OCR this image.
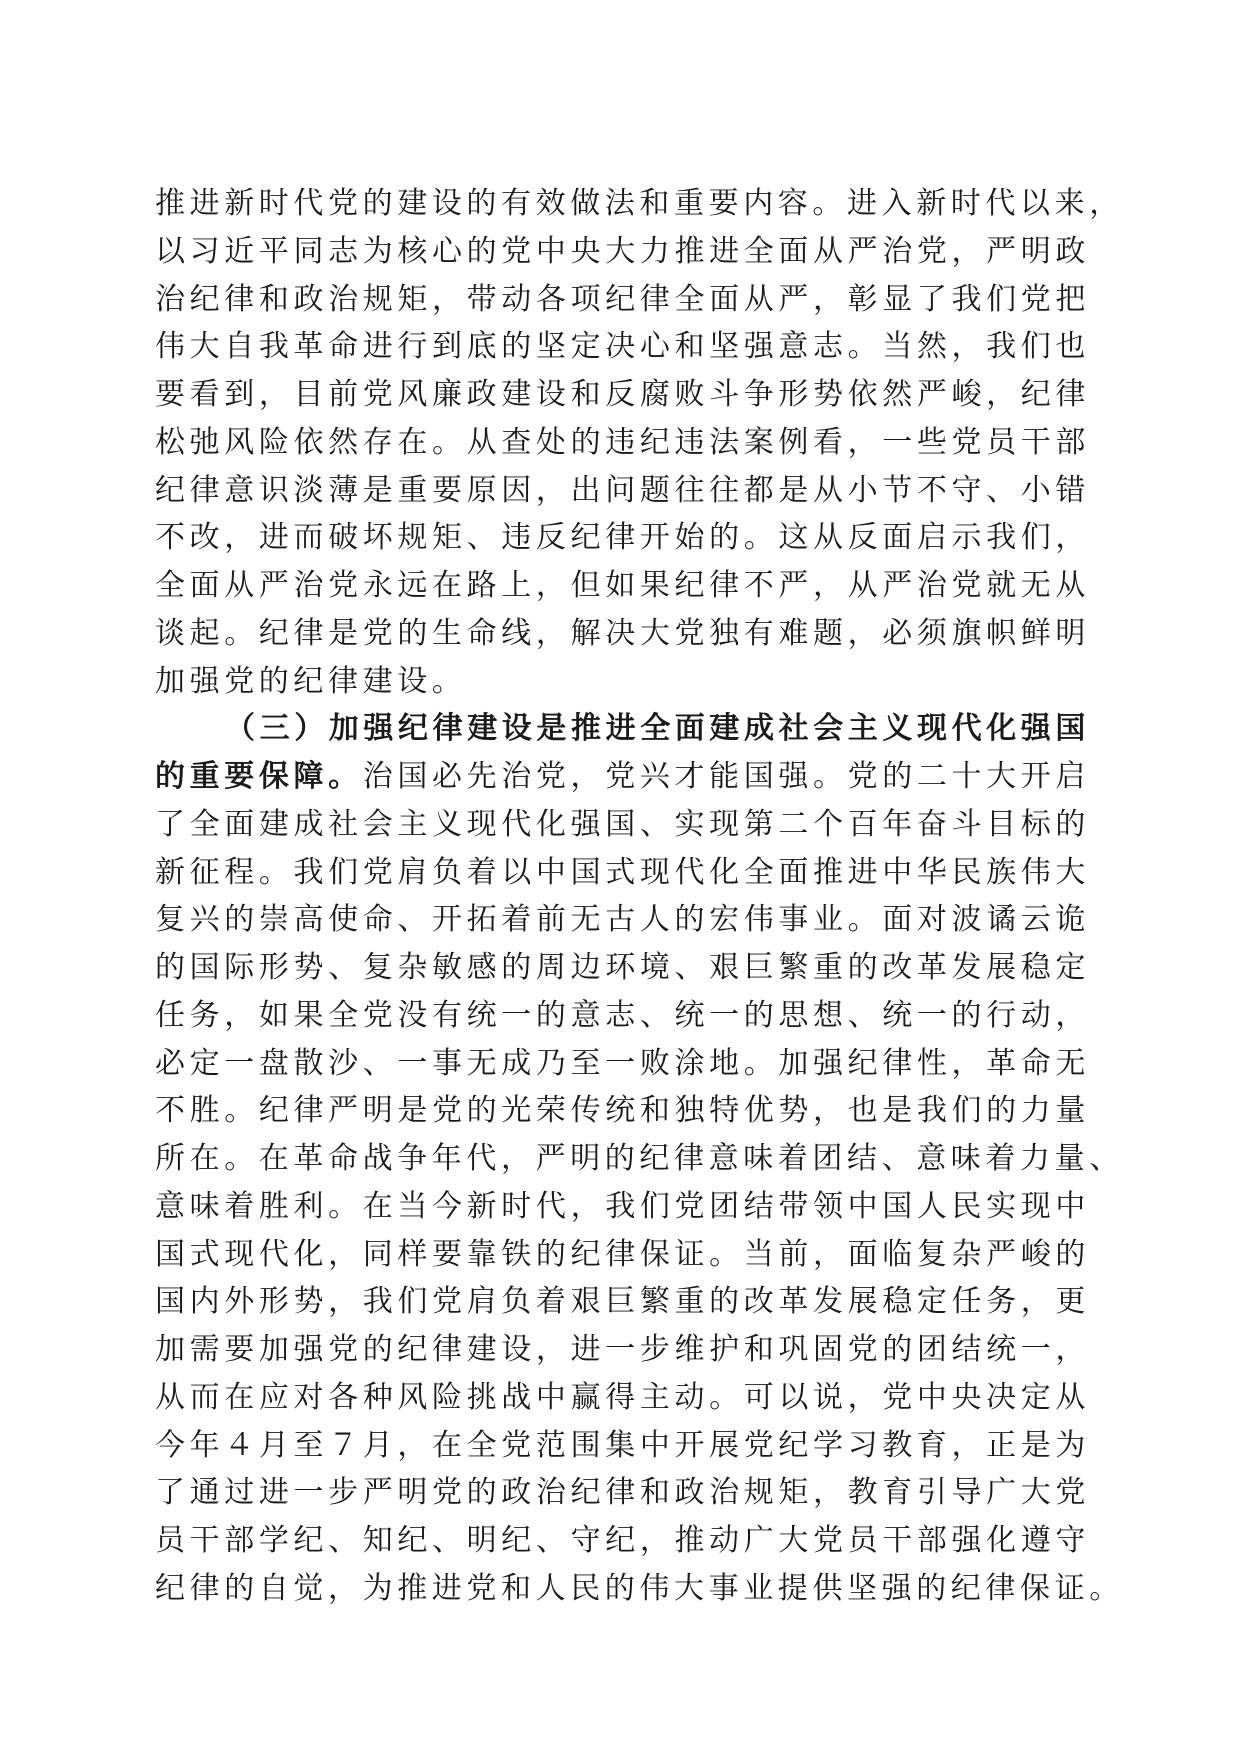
推进新时代党的建设的有效做法和重要内容。进入新时代以来，
以习近平同志为核心的党中央大力推进全面从严治党，严明政
治纪律和政治规矩，带动各项纪律全面从严，彰显了我们党把
伟大自我革命进行到底的坚定决心和坚强意志。当然，我们也
要看到，目前党风廉政建设和反腐败斗争形势依然严峻，纪律
松弛风险依然存在。从查处的违纪违法案例看，一些党员干部
纪律意识淡薄是重要原因，出问题往往都是从小节不守、小错
不改，进而破坏规矩、违反纪律开始的。这从反面启示我们，
全面从严治党永远在路上，但如果纪律不严，从严治党就无从
谈起。纪律是党的生命线，解决大党独有难题，必须旗帜鲜明
加强党的纪律建设。
（三）加强纪律建设是推进全面建成社会主义现代化强国
的重要保障。治国必先治党，党兴才能国强。党的二十大开启
了全面建成社会主义现代化强国、实现第二个百年奋斗目标的
新征程。我们党肩负着以中国式现代化全面推进中华民族伟大
复兴的崇高使命、开拓着前无古人的宏伟事业。面对波谲云诡
的国际形势、复杂敏感的周边环境、艰巨繁重的改革发展稳定
任务，如果全党没有统一的意志、统一的思想、统一的行动，
必定一盘散沙、一事无成乃至一败涂地。加强纪律性，革命无
不胜。纪律严明是党的光荣传统和独特优势，也是我们的力量
所在。在革命战争年代，严明的纪律意味着团结、意味着力量、
意味着胜利。在当今新时代，我们党团结带领中国人民实现中
国式现代化，同样要靠铁的纪律保证。当前，面临复杂严峻的
国内外形势，我们党肩负着艰巨繁重的改革发展稳定任务，更
加需要加强党的纪律建设，进一步维护和巩固党的团结统一，
从而在应对各种风险挑战中赢得主动。可以说，党中央决定从
今年４月至７月，在全党范围集中开展党纪学习教育，正是为
了通过进一步严明党的政治纪律和政治规矩，教育引导广大党
员干部学纪、知纪、明纪、守纪，推动广大党员干部强化遵守
纪律的自觉，为推进党和人民的伟大事业提供坚强的纪律保证。
